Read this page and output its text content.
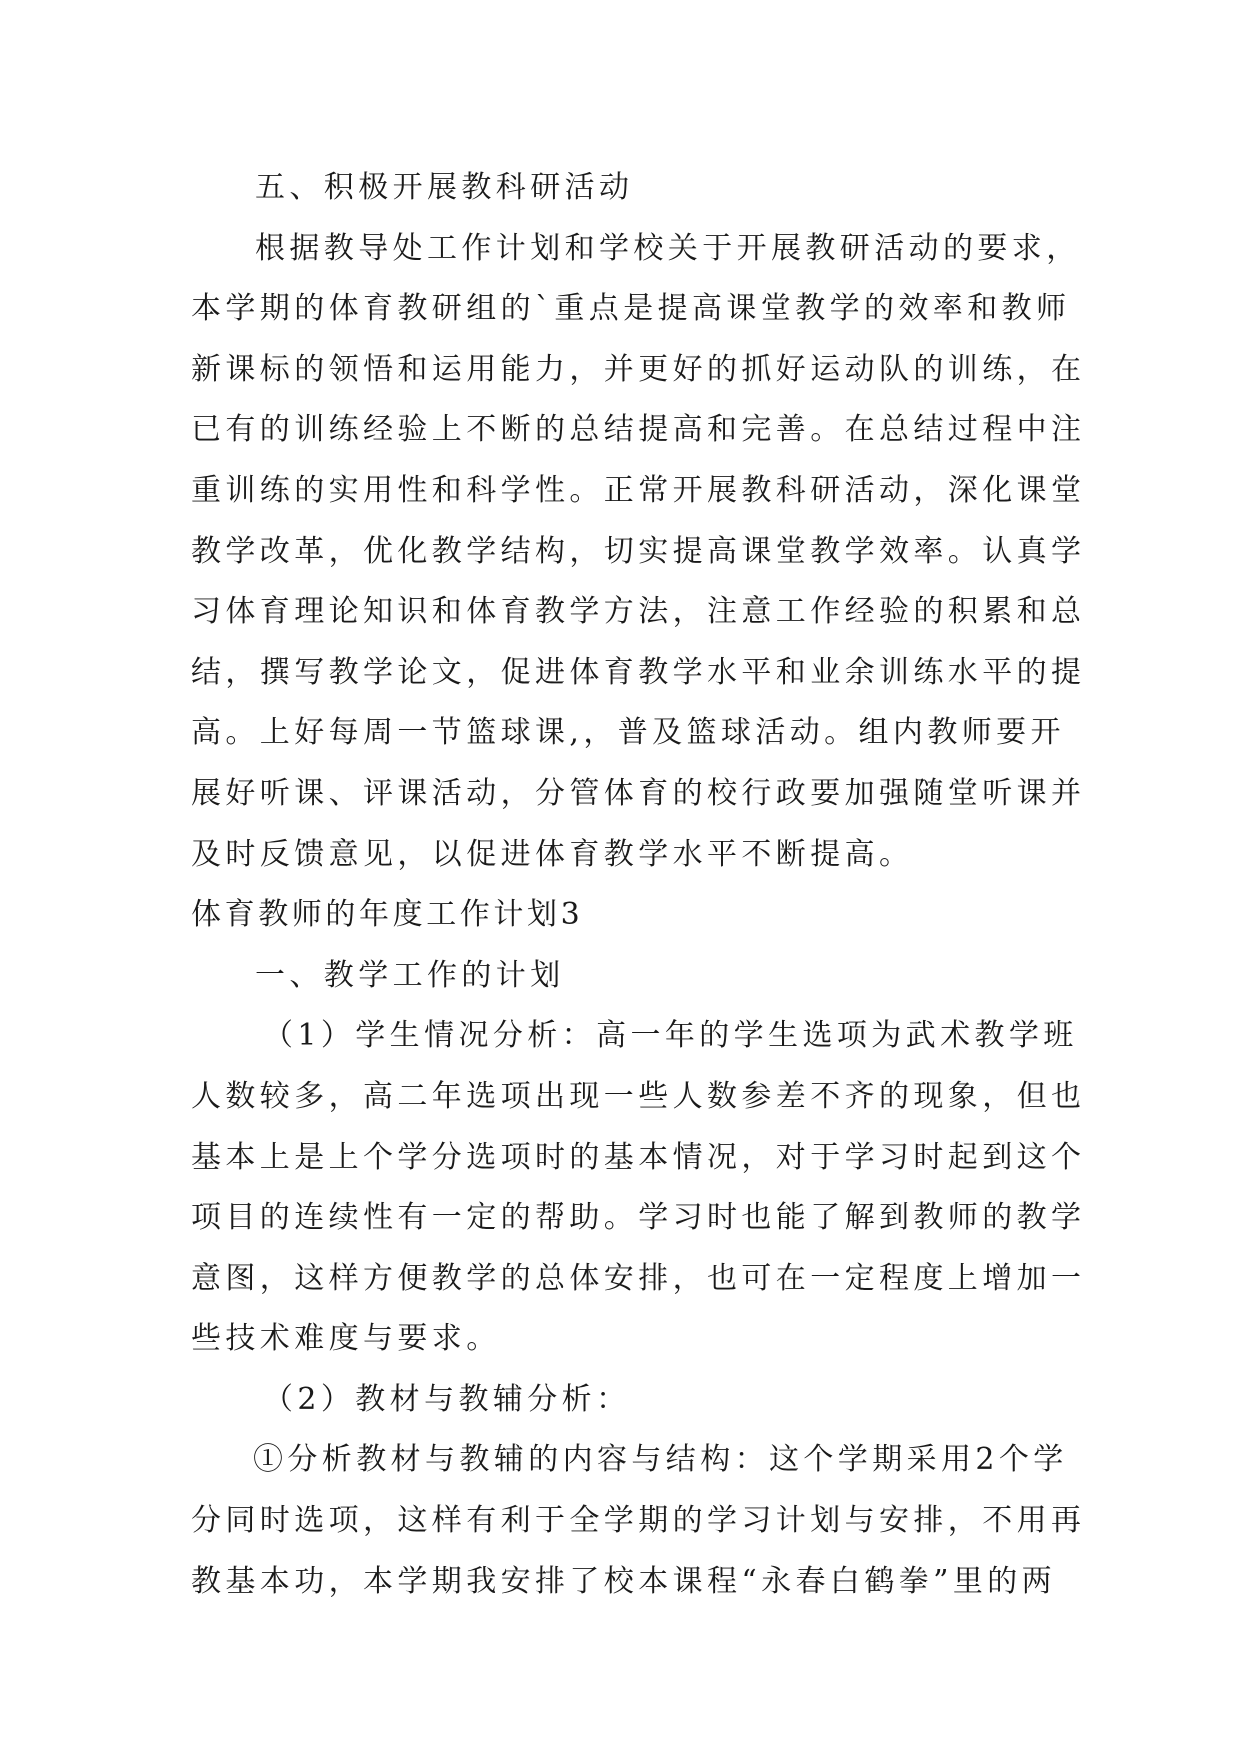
五、积极开展教科研活动
根据教导处工作计划和学校关于开展教研活动的要求，
本学期的体育教研组的`重点是提高课堂教学的效率和教师
新课标的领悟和运用能力，并更好的抓好运动队的训练，在
已有的训练经验上不断的总结提高和完善。在总结过程中注
重训练的实用性和科学性。正常开展教科研活动，深化课堂
教学改革，优化教学结构，切实提高课堂教学效率。认真学
习体育理论知识和体育教学方法，注意工作经验的积累和总
结，撰写教学论文，促进体育教学水平和业余训练水平的提
高。上好每周一节篮球课,，普及篮球活动。组内教师要开
展好听课、评课活动，分管体育的校行政要加强随堂听课并
及时反馈意见，以促进体育教学水平不断提高。
体育教师的年度工作计划3
一、教学工作的计划
（1）学生情况分析：高一年的学生选项为武术教学班
人数较多，高二年选项出现一些人数参差不齐的现象，但也
基本上是上个学分选项时的基本情况，对于学习时起到这个
项目的连续性有一定的帮助。学习时也能了解到教师的教学
意图，这样方便教学的总体安排，也可在一定程度上增加一
些技术难度与要求。
（2）教材与教辅分析：
①分析教材与教辅的内容与结构：这个学期采用2个学
分同时选项，这样有利于全学期的学习计划与安排，不用再
教基本功，本学期我安排了校本课程“永春白鹤拳”里的两
